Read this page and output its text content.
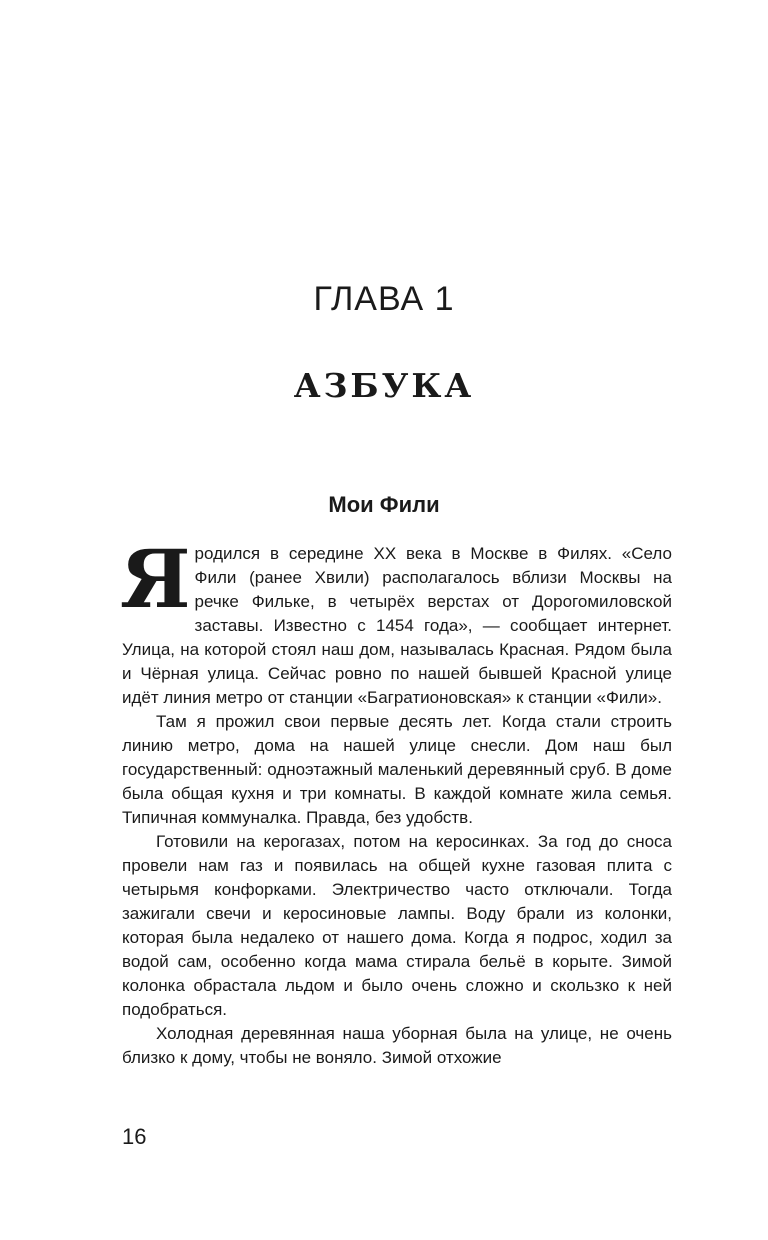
ГЛАВА 1
АЗБУКА
Мои Фили

Яродился в середине XX века в Москве в Филях. «Село Фили (ранее Хвили) располагалось вблизи Москвы на речке Фильке, в четырёх верстах от Дорогомиловской заставы. Известно с 1454 года», — сообщает интернет. Улица, на которой стоял наш дом, называлась Красная. Рядом была и Чёрная улица. Сейчас ровно по нашей бывшей Красной улице идёт линия метро от станции «Багратионовская» к станции «Фили».

Там я прожил свои первые десять лет. Когда стали строить линию метро, дома на нашей улице снесли. Дом наш был государственный: одноэтажный маленький деревянный сруб. В доме была общая кухня и три комнаты. В каждой комнате жила семья. Типичная коммуналка. Правда, без удобств.

Готовили на керогазах, потом на керосинках. За год до сноса провели нам газ и появилась на общей кухне газовая плита с четырьмя конфорками. Электричество часто отключали. Тогда зажигали свечи и керосиновые лампы. Воду брали из колонки, которая была недалеко от нашего дома. Когда я подрос, ходил за водой сам, особенно когда мама стирала бельё в корыте. Зимой колонка обрастала льдом и было очень сложно и скользко к ней подобраться.

Холодная деревянная наша уборная была на улице, не очень близко к дому, чтобы не воняло. Зимой отхожие

16
